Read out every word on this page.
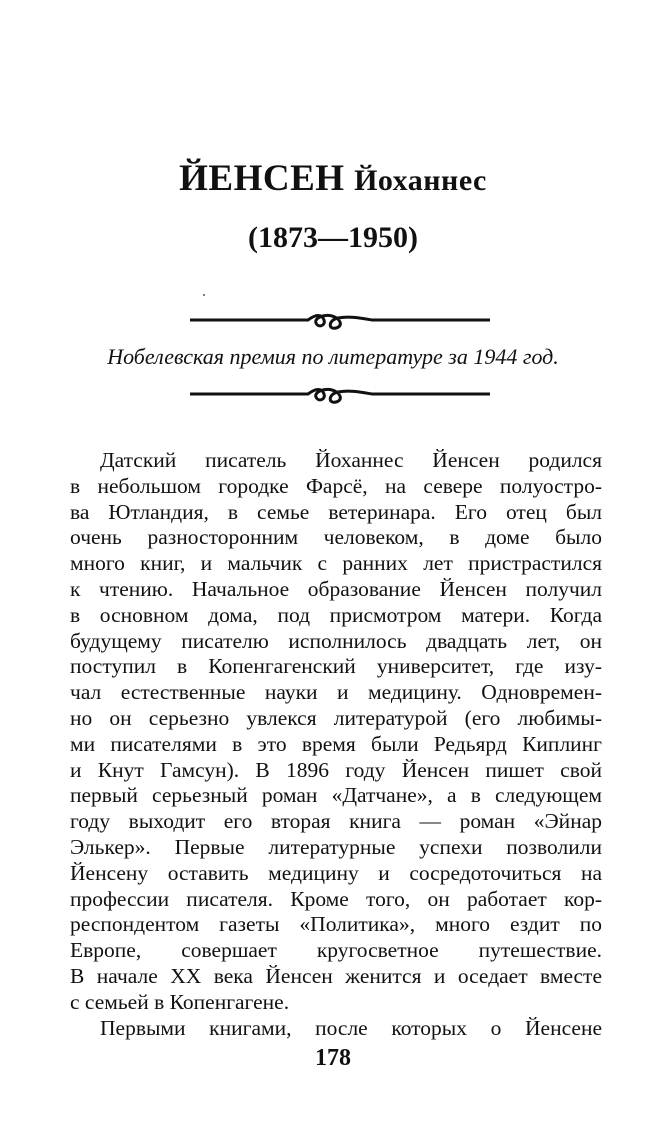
ЙЕНСЕН Йоханнес
(1873—1950)
Нобелевская премия по литературе за 1944 год.
Датский писатель Йоханнес Йенсен родился
в небольшом городке Фарсё, на севере полуостро-
ва Ютландия, в семье ветеринара. Его отец был
очень разносторонним человеком, в доме было
много книг, и мальчик с ранних лет пристрастился
к чтению. Начальное образование Йенсен получил
в основном дома, под присмотром матери. Когда
будущему писателю исполнилось двадцать лет, он
поступил в Копенгагенский университет, где изу-
чал естественные науки и медицину. Одновремен-
но он серьезно увлекся литературой (его любимы-
ми писателями в это время были Редьярд Киплинг
и Кнут Гамсун). В 1896 году Йенсен пишет свой
первый серьезный роман «Датчане», а в следующем
году выходит его вторая книга — роман «Эйнар
Элькер». Первые литературные успехи позволили
Йенсену оставить медицину и сосредоточиться на
профессии писателя. Кроме того, он работает кор-
респондентом газеты «Политика», много ездит по
Европе, совершает кругосветное путешествие.
В начале XX века Йенсен женится и оседает вместе
с семьей в Копенгагене.
Первыми книгами, после которых о Йенсене
178
